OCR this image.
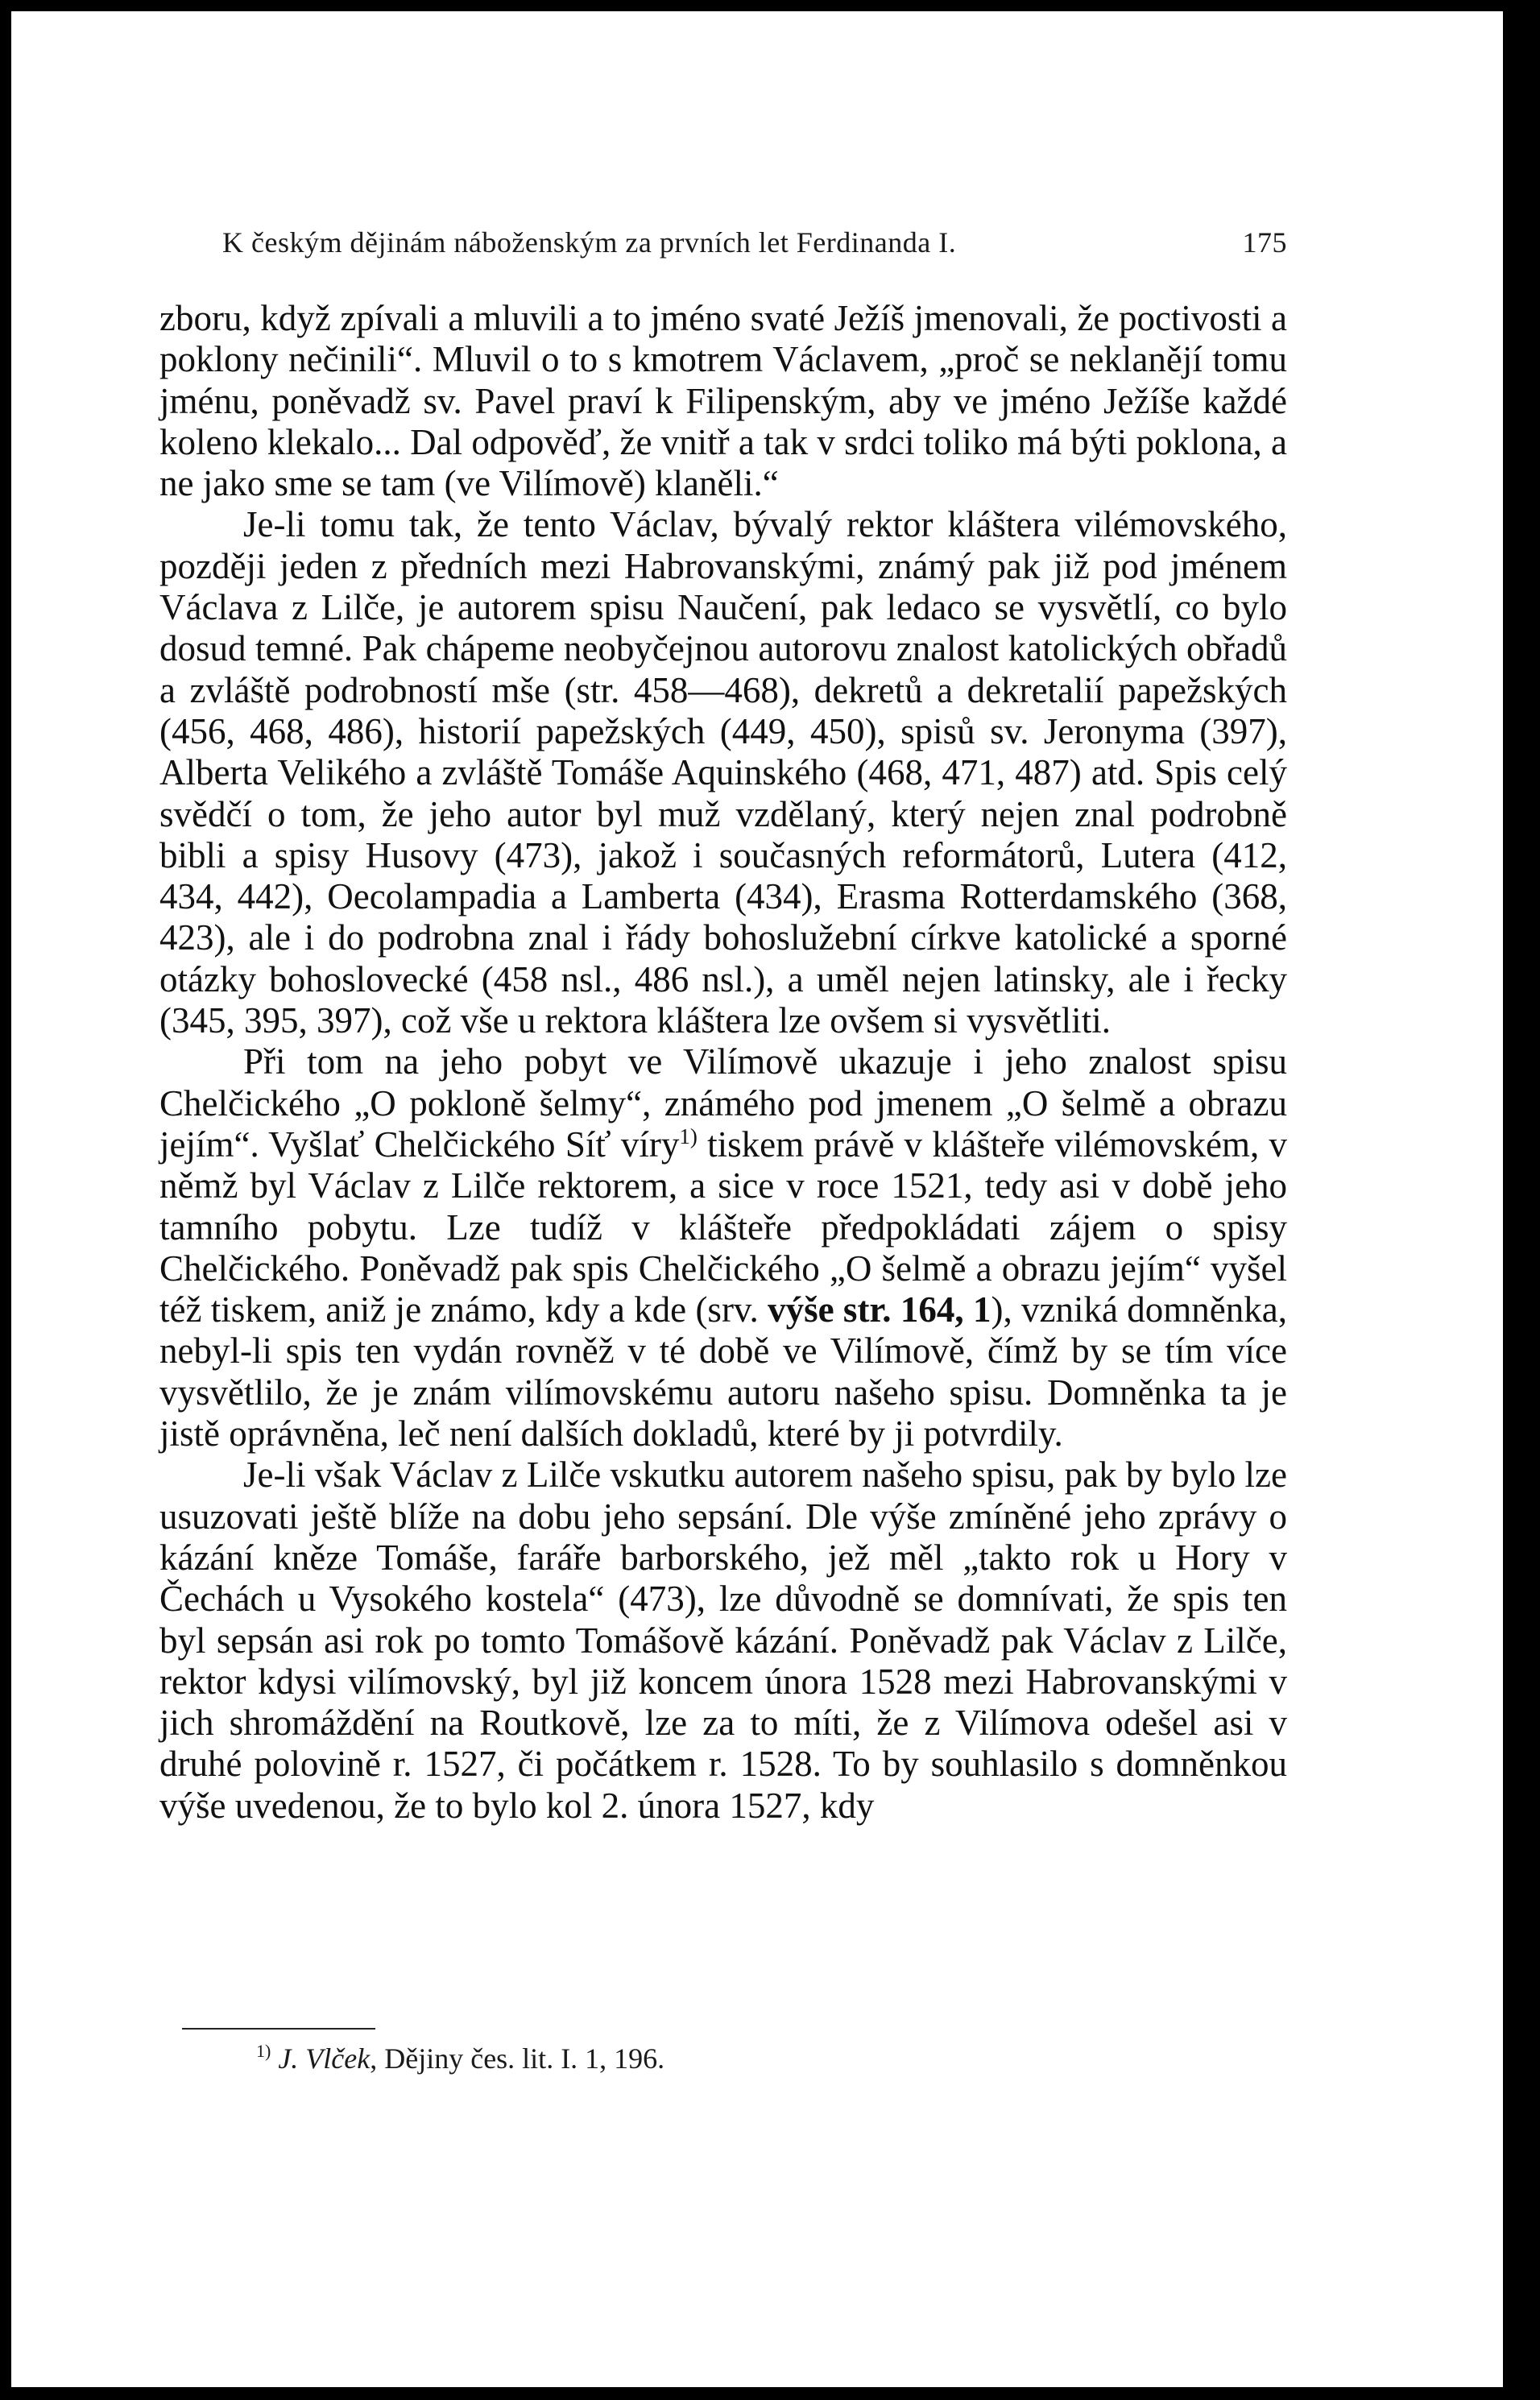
K českým dějinám náboženským za prvních let Ferdinanda I.	175

zboru, když zpívali a mluvili a to jméno svaté Ježíš jmenovali, že poctivosti a poklony nečinili“. Mluvil o to s kmotrem Václavem, „proč se neklanějí tomu jménu, poněvadž sv. Pavel praví k Filipenským, aby ve jméno Ježíše každé koleno klekalo... Dal odpověď, že vnitř a tak v srdci toliko má býti poklona, a ne jako sme se tam (ve Vilímově) klaněli.“

Je-li tomu tak, že tento Václav, bývalý rektor kláštera vilémovského, později jeden z předních mezi Habrovanskými, známý pak již pod jménem Václava z Lilče, je autorem spisu Naučení, pak ledaco se vysvětlí, co bylo dosud temné. Pak chápeme neobyčejnou autorovu znalost katolických obřadů a zvláště podrobností mše (str. 458—468), dekretů a dekretalií papežských (456, 468, 486), historií papežských (449, 450), spisů sv. Jeronyma (397), Alberta Velikého a zvláště Tomáše Aquinského (468, 471, 487) atd. Spis celý svědčí o tom, že jeho autor byl muž vzdělaný, který nejen znal podrobně bibli a spisy Husovy (473), jakož i současných reformátorů, Lutera (412, 434, 442), Oecolampadia a Lamberta (434), Erasma Rotterdamského (368, 423), ale i do podrobna znal i řády bohoslužební církve katolické a sporné otázky bohoslovecké (458 nsl., 486 nsl.), a uměl nejen latinsky, ale i řecky (345, 395, 397), což vše u rektora kláštera lze ovšem si vysvětliti.

Při tom na jeho pobyt ve Vilímově ukazuje i jeho znalost spisu Chelčického „O pokloně šelmy“, známého pod jmenem „O šelmě a obrazu jejím“. Vyšlať Chelčického Síť víry$^{1)}$ tiskem právě v klášteře vilémovském, v němž byl Václav z Lilče rektorem, a sice v roce 1521, tedy asi v době jeho tamního pobytu. Lze tudíž v klášteře předpokládati zájem o spisy Chelčického. Poněvadž pak spis Chelčického „O šelmě a obrazu jejím“ vyšel též tiskem, aniž je známo, kdy a kde (srv. výše str. 164, 1), vzniká domněnka, nebyl-li spis ten vydán rovněž v té době ve Vilímově, čímž by se tím více vysvětlilo, že je znám vilímovskému autoru našeho spisu. Domněnka ta je jistě oprávněna, leč není dalších dokladů, které by ji potvrdily.

Je-li však Václav z Lilče vskutku autorem našeho spisu, pak by bylo lze usuzovati ještě blíže na dobu jeho sepsání. Dle výše zmíněné jeho zprávy o kázání kněze Tomáše, faráře barborského, jež měl „takto rok u Hory v Čechách u Vysokého kostela“ (473), lze důvodně se domnívati, že spis ten byl sepsán asi rok po tomto Tomášově kázání. Poněvadž pak Václav z Lilče, rektor kdysi vilímovský, byl již koncem února 1528 mezi Habrovanskými v jich shromáždění na Routkově, lze za to míti, že z Vilímova odešel asi v druhé polovině r. 1527, či počátkem r. 1528. To by souhlasilo s domněnkou výše uvedenou, že to bylo kol 2. února 1527, kdy

$^{1)}$ J. Vlček, Dějiny čes. lit. I. 1, 196.
